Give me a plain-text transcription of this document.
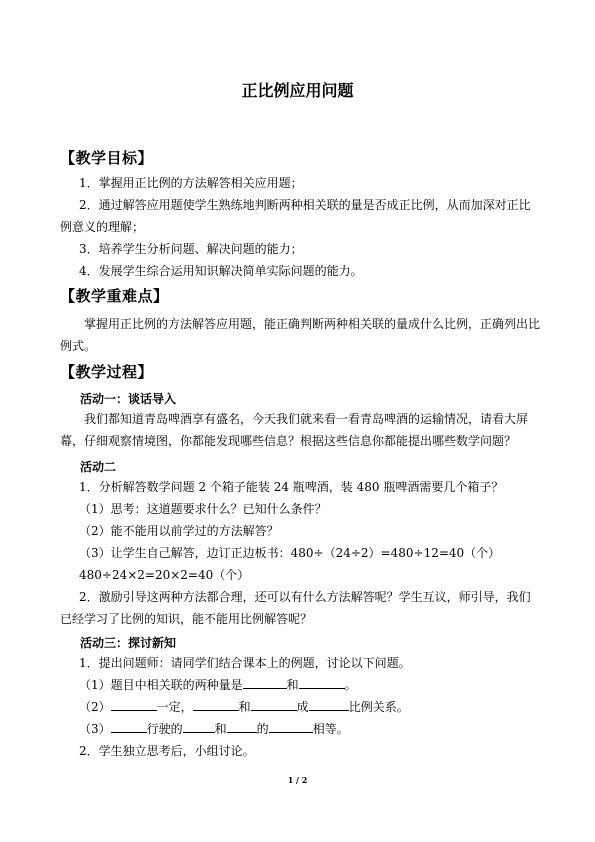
正比例应用问题
【教学目标】
1．掌握用正比例的方法解答相关应用题；
2．通过解答应用题使学生熟练地判断两种相关联的量是否成正比例，从而加深对正比例意义的理解；
3．培养学生分析问题、解决问题的能力；
4．发展学生综合运用知识解决简单实际问题的能力。
【教学重难点】
掌握用正比例的方法解答应用题，能正确判断两种相关联的量成什么比例，正确列出比例式。
【教学过程】
活动一：谈话导入
我们都知道青岛啤酒享有盛名，今天我们就来看一看青岛啤酒的运输情况，请看大屏幕，仔细观察情境图，你都能发现哪些信息？根据这些信息你都能提出哪些数学问题？
活动二
1．分析解答数学问题 2 个箱子能装 24 瓶啤酒，装 480 瓶啤酒需要几个箱子？
（1）思考：这道题要求什么？已知什么条件？
（2）能不能用以前学过的方法解答？
（3）让学生自己解答，边订正边板书：480÷（24÷2）=480÷12=40（个）
480÷24×2=20×2=40（个）
2．激励引导这两种方法都合理，还可以有什么方法解答呢？学生互议，师引导，我们已经学习了比例的知识，能不能用比例解答呢？
活动三：探讨新知
1．提出问题师：请同学们结合课本上的例题，讨论以下问题。
（1）题目中相关联的两种量是	和	。
（2）	一定，	和	成	比例关系。
（3）	行驶的	和	的	相等。
2．学生独立思考后，小组讨论。
1 / 2
